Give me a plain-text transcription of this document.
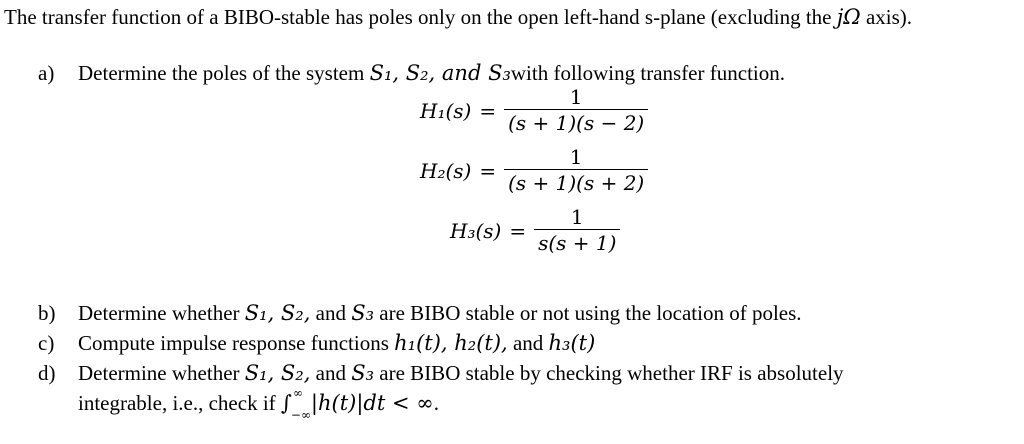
The transfer function of a BIBO-stable has poles only on the open left-hand s-plane (excluding the jΩ axis).
a) Determine the poles of the system S₁, S₂, and S₃with following transfer function.
$H_1(s) = \frac{1}{(s + 1)(s - 2)}$
$H_2(s) = \frac{1}{(s + 1)(s + 2)}$
$H_3(s) = \frac{1}{s(s + 1)}$
b) Determine whether S₁, S₂, and S₃ are BIBO stable or not using the location of poles.
c) Compute impulse response functions h₁(t), h₂(t), and h₃(t)
d) Determine whether S₁, S₂, and S₃ are BIBO stable by checking whether IRF is absolutely
integrable, i.e., check if ∫ ∞
−∞ |h(t)|dt < ∞.
